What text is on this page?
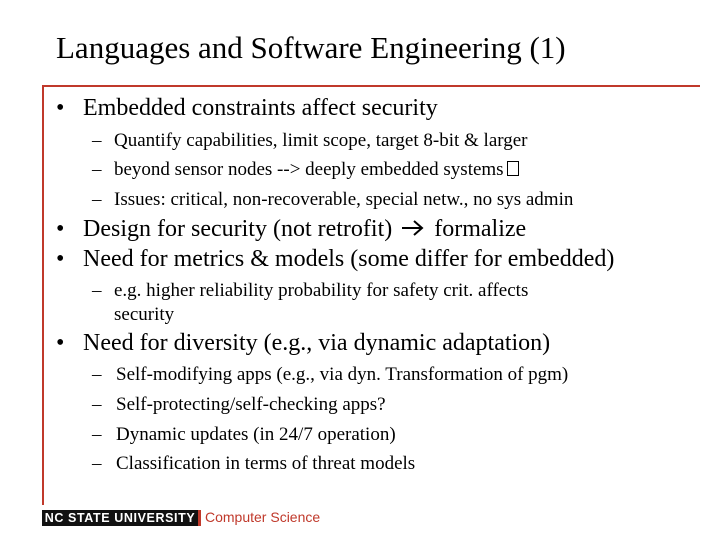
Languages and Software Engineering (1)
• Embedded constraints affect security
– Quantify capabilities, limit scope, target 8-bit & larger
– beyond sensor nodes --> deeply embedded systems
– Issues: critical, non-recoverable, special netw., no sys admin
• Design for security (not retrofit) formalize
• Need for metrics & models (some differ for embedded)
– e.g. higher reliability probability for safety crit. affects
security
• Need for diversity (e.g., via dynamic adaptation)
– Self-modifying apps (e.g., via dyn. Transformation of pgm)
– Self-protecting/self-checking apps?
– Dynamic updates (in 24/7 operation)
– Classification in terms of threat models
NC STATE UNIVERSITY Computer Science
